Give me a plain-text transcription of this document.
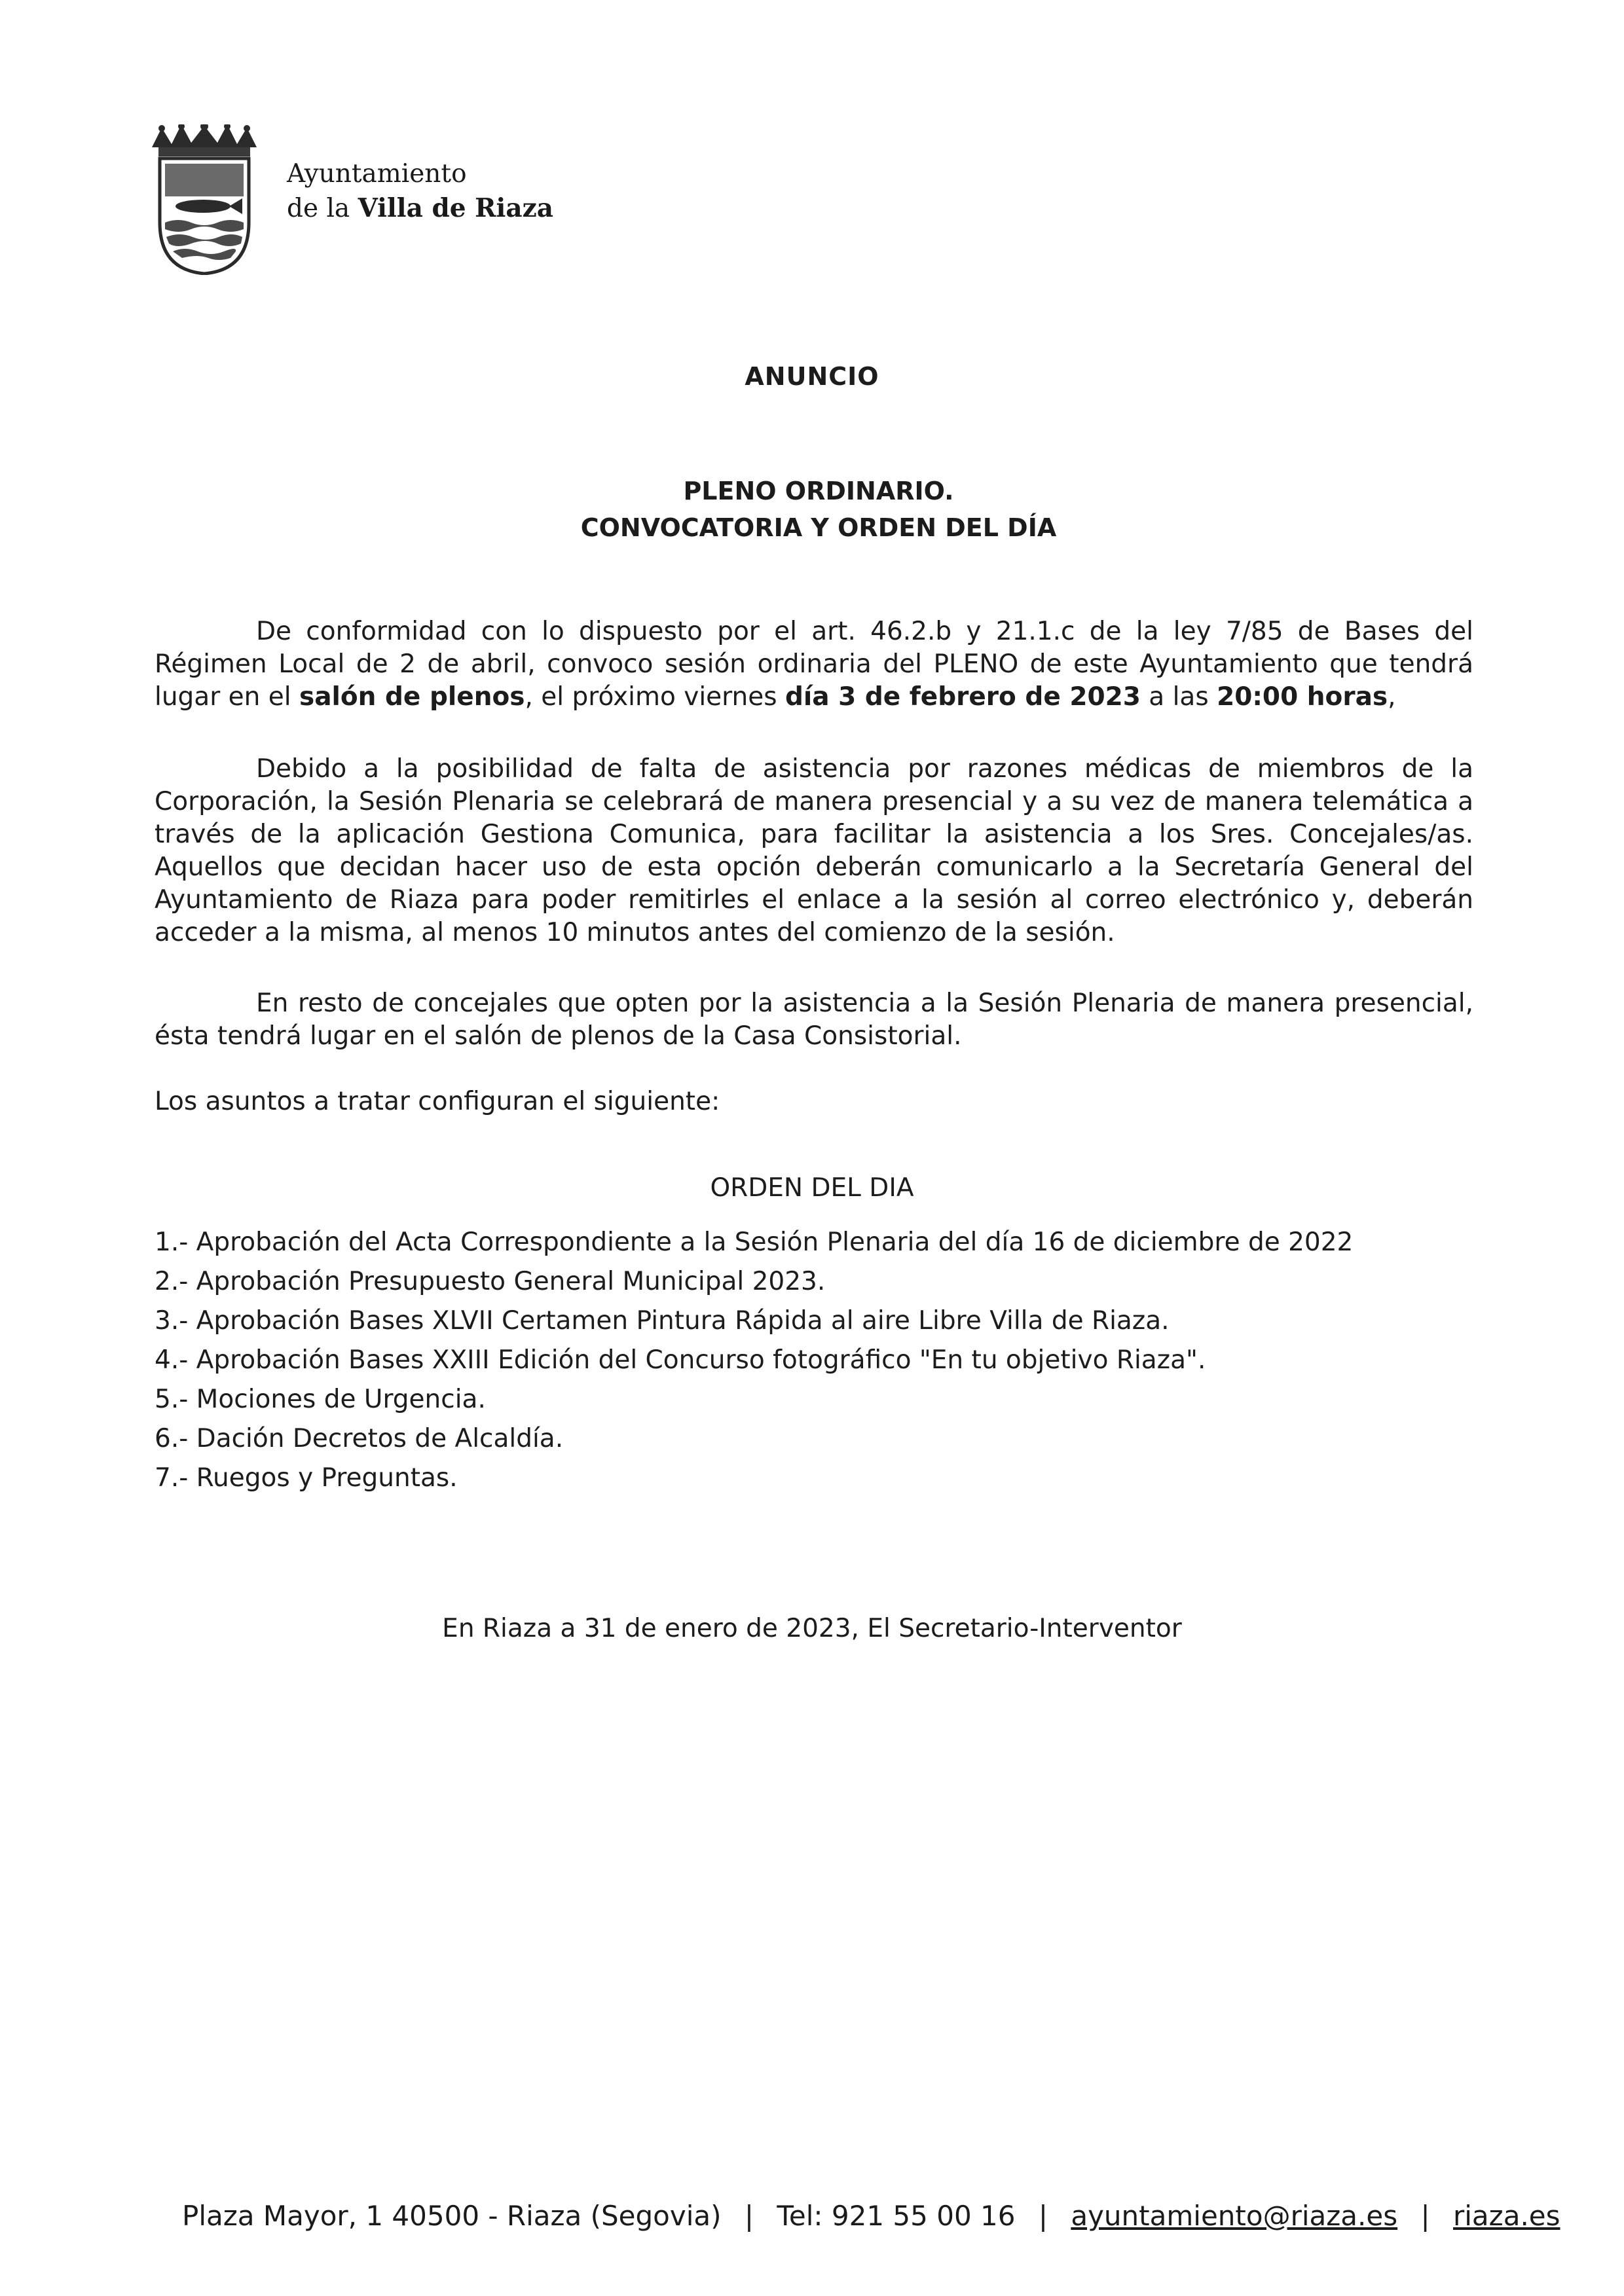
Ayuntamiento
de la Villa de Riaza
ANUNCIO
PLENO ORDINARIO.
CONVOCATORIA Y ORDEN DEL DÍA
De conformidad con lo dispuesto por el art. 46.2.b y 21.1.c de la ley 7/85 de Bases del Régimen Local de 2 de abril, convoco sesión ordinaria del PLENO de este Ayuntamiento que tendrá lugar en el salón de plenos, el próximo viernes día 3 de febrero de 2023 a las 20:00 horas,
Debido a la posibilidad de falta de asistencia por razones médicas de miembros de la Corporación, la Sesión Plenaria se celebrará de manera presencial y a su vez de manera telemática a través de la aplicación Gestiona Comunica, para facilitar la asistencia a los Sres. Concejales/as. Aquellos que decidan hacer uso de esta opción deberán comunicarlo a la Secretaría General del Ayuntamiento de Riaza para poder remitirles el enlace a la sesión al correo electrónico y, deberán acceder a la misma, al menos 10 minutos antes del comienzo de la sesión.
En resto de concejales que opten por la asistencia a la Sesión Plenaria de manera presencial, ésta tendrá lugar en el salón de plenos de la Casa Consistorial.
Los asuntos a tratar configuran el siguiente:
ORDEN DEL DIA
1.- Aprobación del Acta Correspondiente a la Sesión Plenaria del día 16 de diciembre de 2022
2.- Aprobación Presupuesto General Municipal 2023.
3.- Aprobación Bases XLVII Certamen Pintura Rápida al aire Libre Villa de Riaza.
4.- Aprobación Bases XXIII Edición del Concurso fotográfico "En tu objetivo Riaza".
5.- Mociones de Urgencia.
6.- Dación Decretos de Alcaldía.
7.- Ruegos y Preguntas.
En Riaza a 31 de enero de 2023, El Secretario-Interventor
Plaza Mayor, 1 40500 - Riaza (Segovia) | Tel: 921 55 00 16 | ayuntamiento@riaza.es | riaza.es
